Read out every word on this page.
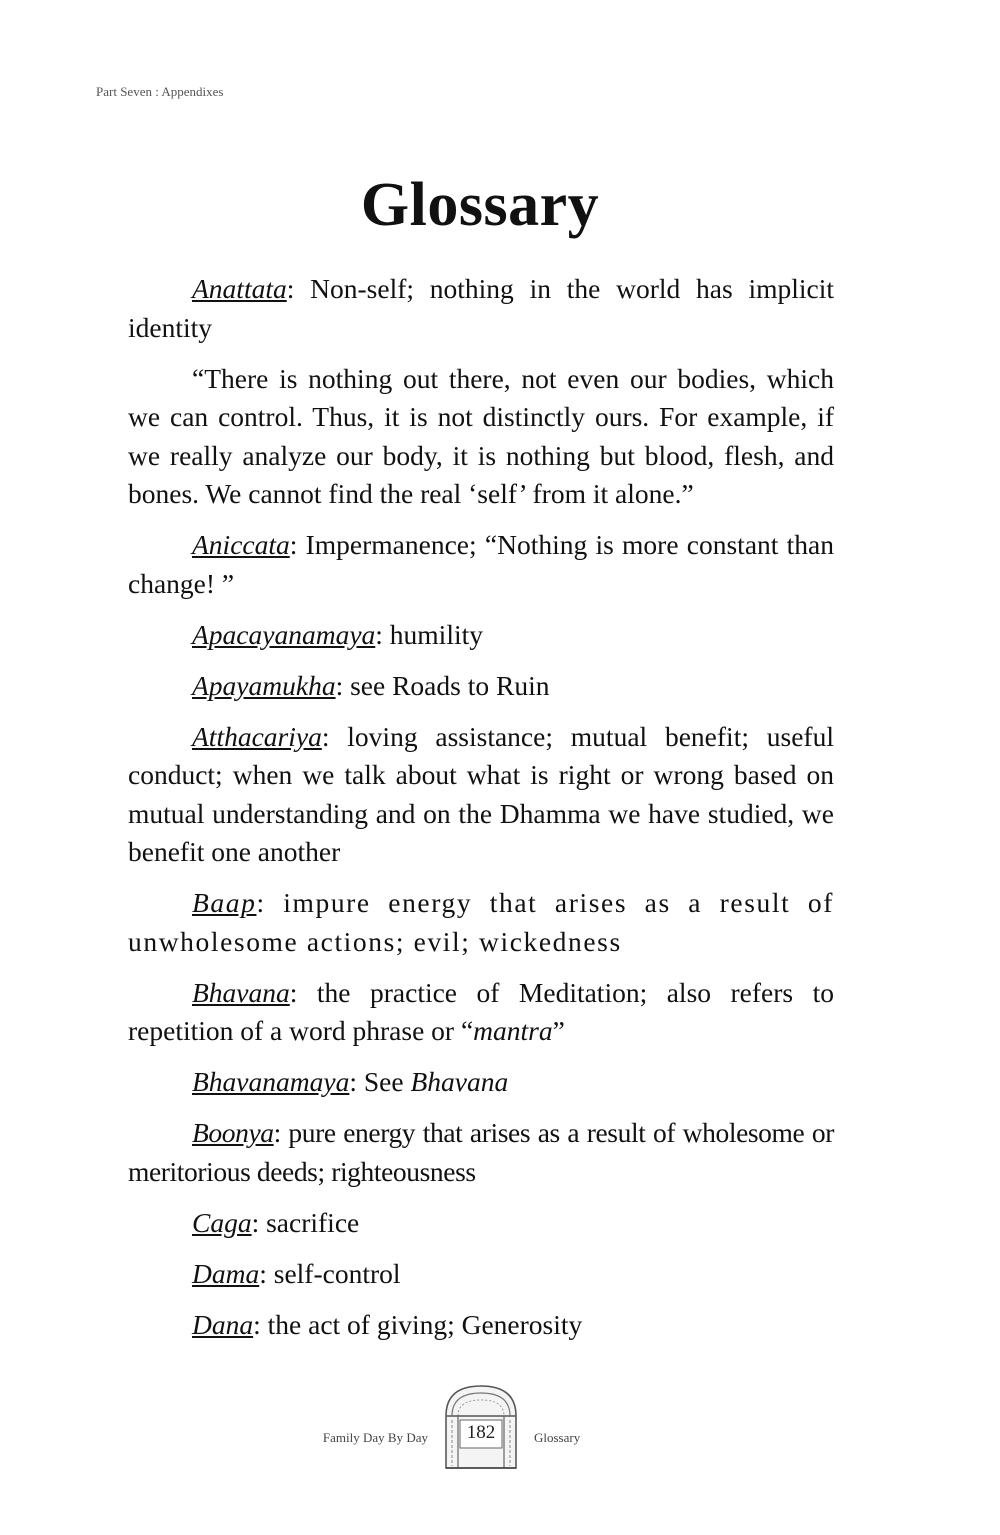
Part Seven : Appendixes
Glossary

Anattata: Non-self; nothing in the world has implicit identity

“There is nothing out there, not even our bodies, which we can control. Thus, it is not distinctly ours. For example, if we really analyze our body, it is nothing but blood, flesh, and bones. We cannot find the real ‘self’ from it alone.”

Aniccata: Impermanence; “Nothing is more constant than change! ”

Apacayanamaya: humility

Apayamukha: see Roads to Ruin

Atthacariya: loving assistance; mutual benefit; useful conduct; when we talk about what is right or wrong based on mutual understanding and on the Dhamma we have studied, we benefit one another

Baap: impure energy that arises as a result of unwholesome actions; evil; wickedness

Bhavana: the practice of Meditation; also refers to repetition of a word phrase or “mantra”

Bhavanamaya: See Bhavana

Boonya: pure energy that arises as a result of wholesome or meritorious deeds; righteousness

Caga: sacrifice

Dama: self-control

Dana: the act of giving; Generosity

Family Day By Day	182	Glossary
